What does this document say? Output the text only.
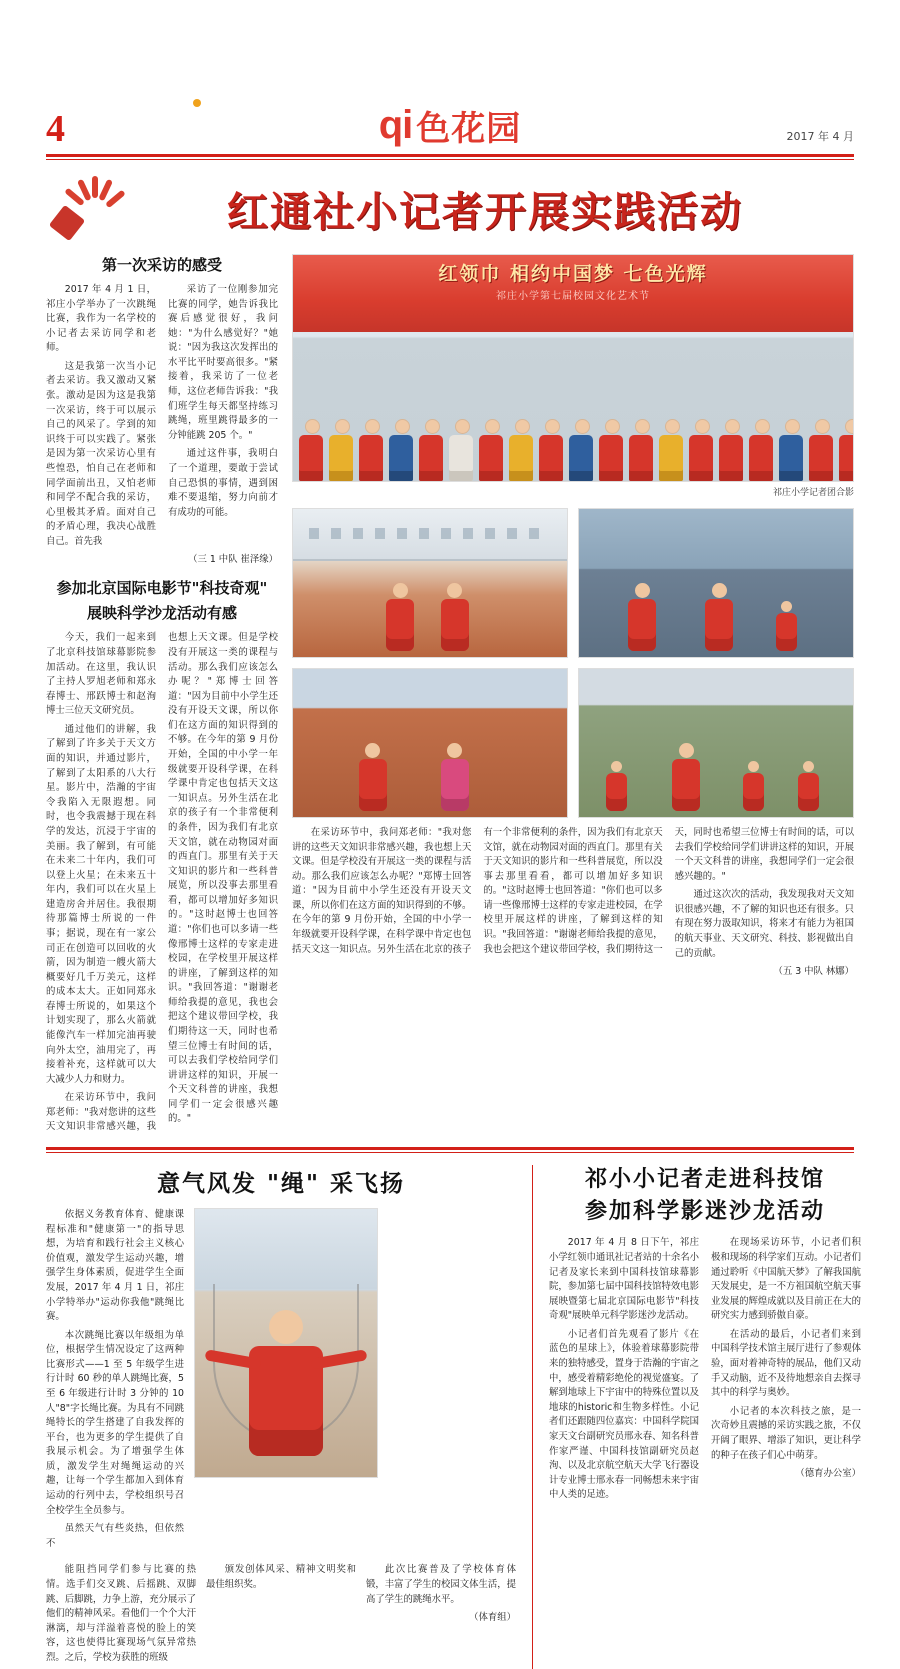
4	qi 色花园	2017 年 4 月
红通社小记者开展实践活动
第一次采访的感受

2017 年 4 月 1 日，祁庄小学举办了一次跳绳比赛，我作为一名学校的小记者去采访同学和老师。

这是我第一次当小记者去采访。我又激动又紧张。激动是因为这是我第一次采访，终于可以展示自己的风采了。学到的知识终于可以实践了。紧张是因为第一次采访心里有些惶恐，怕自己在老师和同学面前出丑，又怕老师和同学不配合我的采访，心里极其矛盾。面对自己的矛盾心理，我决心战胜自己。首先我

采访了一位刚参加完比赛的同学，她告诉我比赛后感觉很好，我问她："为什么感觉好？"她说："因为我这次发挥出的水平比平时要高很多。"紧接着，我采访了一位老师，这位老师告诉我："我们班学生每天都坚持练习跳绳，班里跳得最多的一分钟能跳 205 个。"

通过这件事，我明白了一个道理，要敢于尝试自己恐惧的事情，遇到困难不要退缩，努力向前才有成功的可能。

（三 1 中队 崔泽缘）
参加北京国际电影节"科技奇观"
展映科学沙龙活动有感

今天，我们一起来到了北京科技馆球幕影院参加活动。在这里，我认识了主持人罗旭老师和郑永春博士、邢跃博士和赵洵博士三位天文研究员。

通过他们的讲解，我了解到了许多关于天文方面的知识，并通过影片，了解到了太阳系的八大行星。影片中，浩瀚的宇宙令我陷入无限遐想。同时，也令我震撼于现在科学的发达，沉浸于宇宙的美丽。我了解到，有可能在未来二十年内，我们可以登上火星；在未来五十年内，我们可以在火星上建造房舍并居住。我很期待那篇博士所说的一件事；据说，现在有一家公司正在创造可以回收的火箭，因为制造一艘火箭大概要好几千万美元，这样的成本太大。正如同郑永春博士所说的，如果这个计划实现了，那么火箭就能像汽车一样加完油再驶向外太空，油用完了，再接着补充，这样就可以大大减少人力和财力。

在采访环节中，我问郑老师："我对您讲的这些天文知识非常感兴趣，我也想上天文课。但是学校没有开展这一类的课程与活动。那么我们应该怎么办呢？"郑博士回答道："因为目前中小学生还没有开设天文课，所以你们在这方面的知识得到的不够。在今年的第 9 月份开始，全国的中小学一年级就要开设科学课，在科学课中肯定也包括天文这一知识点。另外生活在北京的孩子有一个非常便利的条件，因为我们有北京天文馆，就在动物园对面的西直门。那里有关于天文知识的影片和一些科普展览，所以没事去那里看看，都可以增加好多知识的。"这时赵博士也回答道："你们也可以多请一些像邢博士这样的专家走进校园，在学校里开展这样的讲座，了解到这样的知识。"我回答道："谢谢老师给我提的意见，我也会把这个建议带回学校，我们期待这一天，同时也希望三位博士有时间的话，可以去我们学校给同学们讲讲这样的知识，开展一个天文科普的讲座，我想同学们一定会很感兴趣的。"

红领巾 相约中国梦 七色光辉
祁庄小学第七届校园文化艺术节
祁庄小学记者团合影

在采访环节中，我问郑老师："我对您讲的这些天文知识非常感兴趣，我也想上天文课。但是学校没有开展这一类的课程与活动。那么我们应该怎么办呢？"郑博士回答道："因为目前中小学生还没有开设天文课，所以你们在这方面的知识得到的不够。在今年的第 9 月份开始，全国的中小学一年级就要开设科学课，在科学课中肯定也包括天文这一知识点。另外生活在北京的孩子有一个非常便利的条件，因为我们有北京天文馆，就在动物园对面的西直门。那里有关于天文知识的影片和一些科普展览，所以没事去那里看看，都可以增加好多知识的。"这时赵博士也回答道："你们也可以多请一些像邢博士这样的专家走进校园，在学校里开展这样的讲座，了解到这样的知识。"我回答道："谢谢老师给我提的意见，我也会把这个建议带回学校，我们期待这一天，同时也希望三位博士有时间的话，可以去我们学校给同学们讲讲这样的知识，开展一个天文科普的讲座，我想同学们一定会很感兴趣的。"

通过这次次的活动，我发现我对天文知识很感兴趣，不了解的知识也还有很多。只有现在努力汲取知识，将来才有能力为祖国的航天事业、天文研究、科技、影视做出自己的贡献。

（五 3 中队 林娜）
意气风发 "绳" 采飞扬

依据义务教育体育、健康课程标准和"健康第一"的指导思想，为培育和践行社会主义核心价值观，激发学生运动兴趣，增强学生身体素质，促进学生全面发展，2017 年 4 月 1 日，祁庄小学特举办"运动你我他"跳绳比赛。

本次跳绳比赛以年级组为单位，根据学生情况设定了这两种比赛形式——1 至 5 年级学生进行计时 60 秒的单人跳绳比赛，5 至 6 年级进行计时 3 分钟的 10 人"8"字长绳比赛。为具有不同跳绳特长的学生搭建了自我发挥的平台，也为更多的学生提供了自我展示机会。为了增强学生体质，激发学生对绳绳运动的兴趣，让每一个学生都加入到体育运动的行列中去，学校组织号召全校学生全员参与。

虽然天气有些炎热，但依然不

能阻挡同学们参与比赛的热情。选手们交叉跳、后摇跳、双脚跳、后脚跳，力争上游，充分展示了他们的精神风采。看他们一个个大汗淋漓，却与洋溢着喜悦的脸上的笑容，这也使得比赛现场气氛异常热烈。之后，学校为获胜的班级

颁发创体风采、精神文明奖和最佳组织奖。

此次比赛普及了学校体育体锻，丰富了学生的校园文体生活，提高了学生的跳绳水平。

（体育组）
祁小小记者走进科技馆
参加科学影迷沙龙活动

2017 年 4 月 8 日下午，祁庄小学红领巾通讯社记者站的十余名小记者及家长来到中国科技馆球幕影院，参加第七届中国科技馆特效电影展映暨第七届北京国际电影节"科技奇观"展映单元科学影迷沙龙活动。

小记者们首先观看了影片《在蓝色的星球上》，体验着球幕影院带来的独特感受，置身于浩瀚的宇宙之中，感受着精彩绝伦的视觉盛宴。了解到地球上下宇宙中的特殊位置以及地球的historic和生物多样性。小记者们还跟随四位嘉宾：中国科学院国家天文台副研究员邢永春、知名科普作家严谨、中国科技馆副研究员赵洵、以及北京航空航天大学飞行器设计专业博士邢永春一同畅想未来宇宙中人类的足迹。

在现场采访环节，小记者们积极和现场的科学家们互动。小记者们通过聆听《中国航天梦》了解我国航天发展史，是一不方祖国航空航天事业发展的辉煌成就以及目前正在大的研究实力感到骄傲自豪。

在活动的最后，小记者们来到中国科学技术馆主展厅进行了参观体验，面对着神奇特的展品，他们又动手又动脑，近不及待地想亲自去探寻其中的科学与奥妙。

小记者的本次科技之旅，是一次奇妙且震撼的采访实践之旅，不仅开阔了眼界、增添了知识，更让科学的种子在孩子们心中萌芽。

（德育办公室）
